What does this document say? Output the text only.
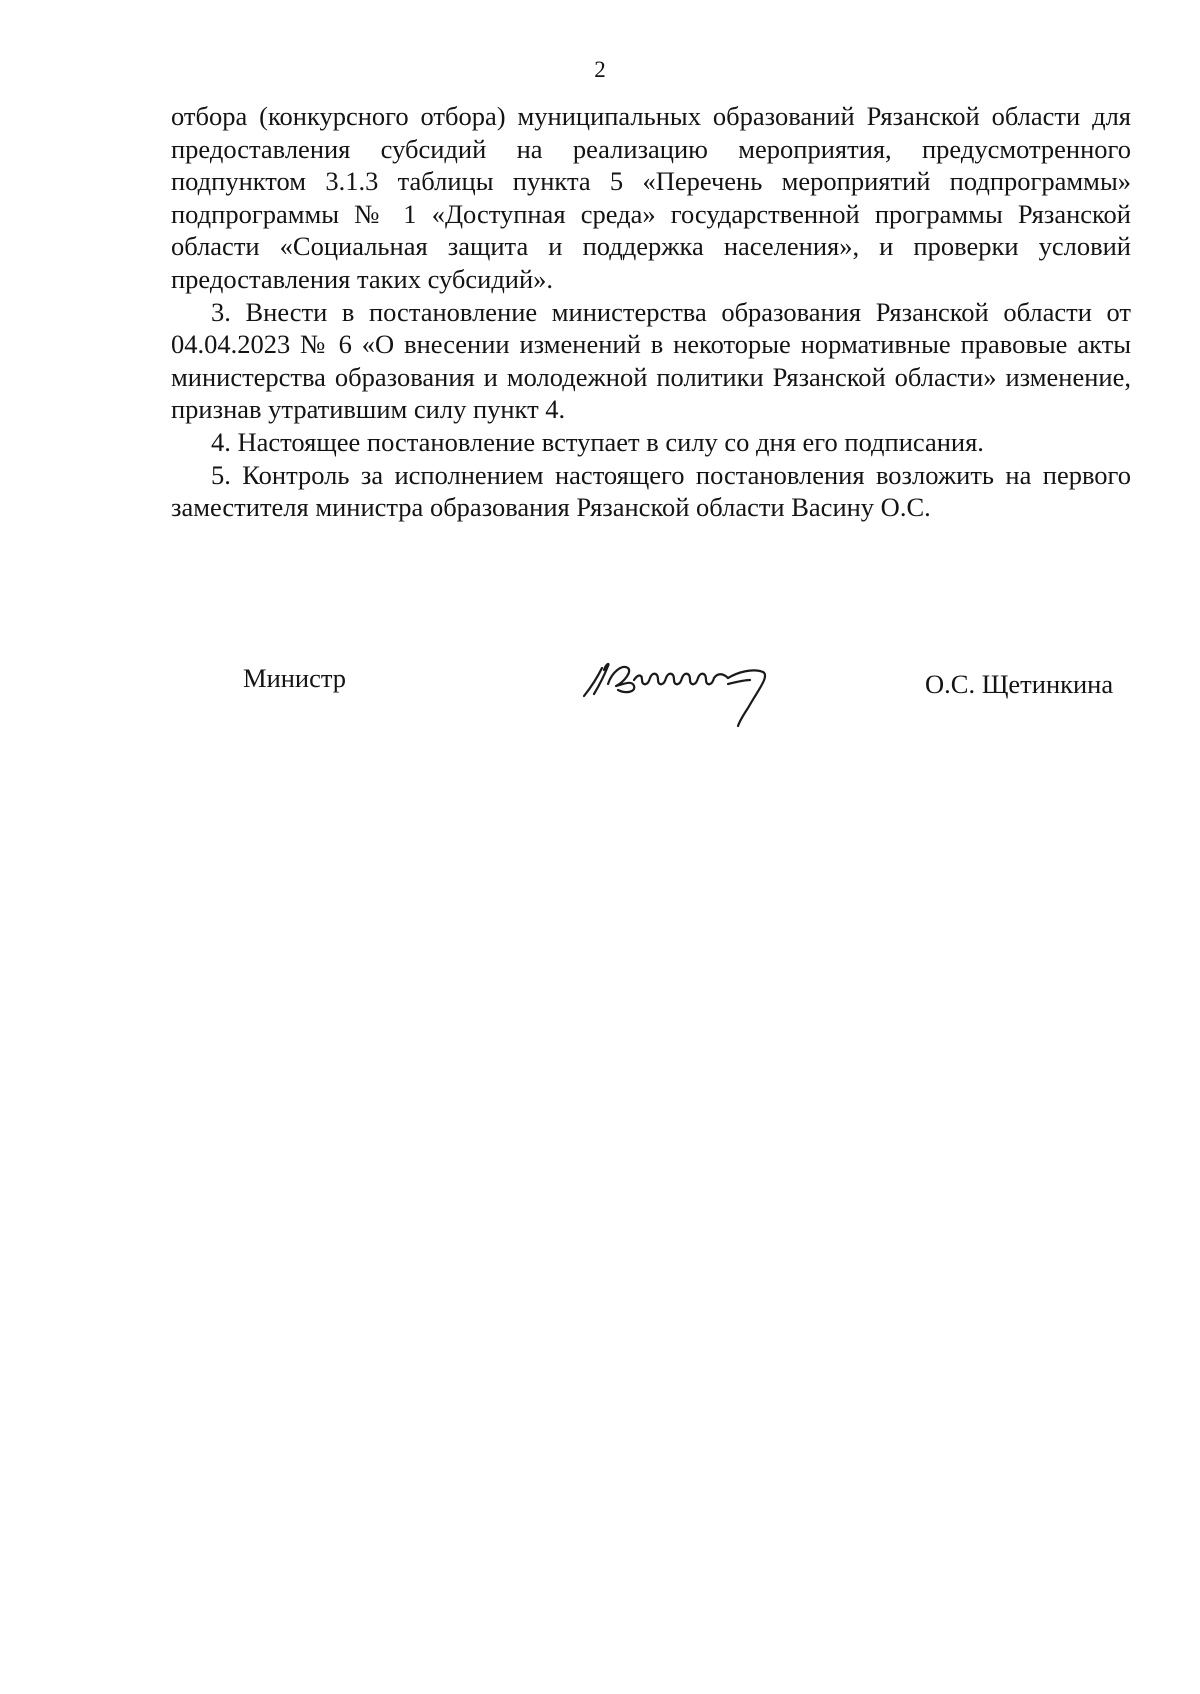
2

отбора (конкурсного отбора) муниципальных образований Рязанской области для предоставления субсидий на реализацию мероприятия, предусмотренного подпунктом 3.1.3 таблицы пункта 5 «Перечень мероприятий подпрограммы» подпрограммы № 1 «Доступная среда» государственной программы Рязанской области «Социальная защита и поддержка населения», и проверки условий предоставления таких субсидий».

3. Внести в постановление министерства образования Рязанской области от 04.04.2023 № 6 «О внесении изменений в некоторые нормативные правовые акты министерства образования и молодежной политики Рязанской области» изменение, признав утратившим силу пункт 4.

4. Настоящее постановление вступает в силу со дня его подписания.

5. Контроль за исполнением настоящего постановления возложить на первого заместителя министра образования Рязанской области Васину О.С.

Министр	О.С. Щетинкина
